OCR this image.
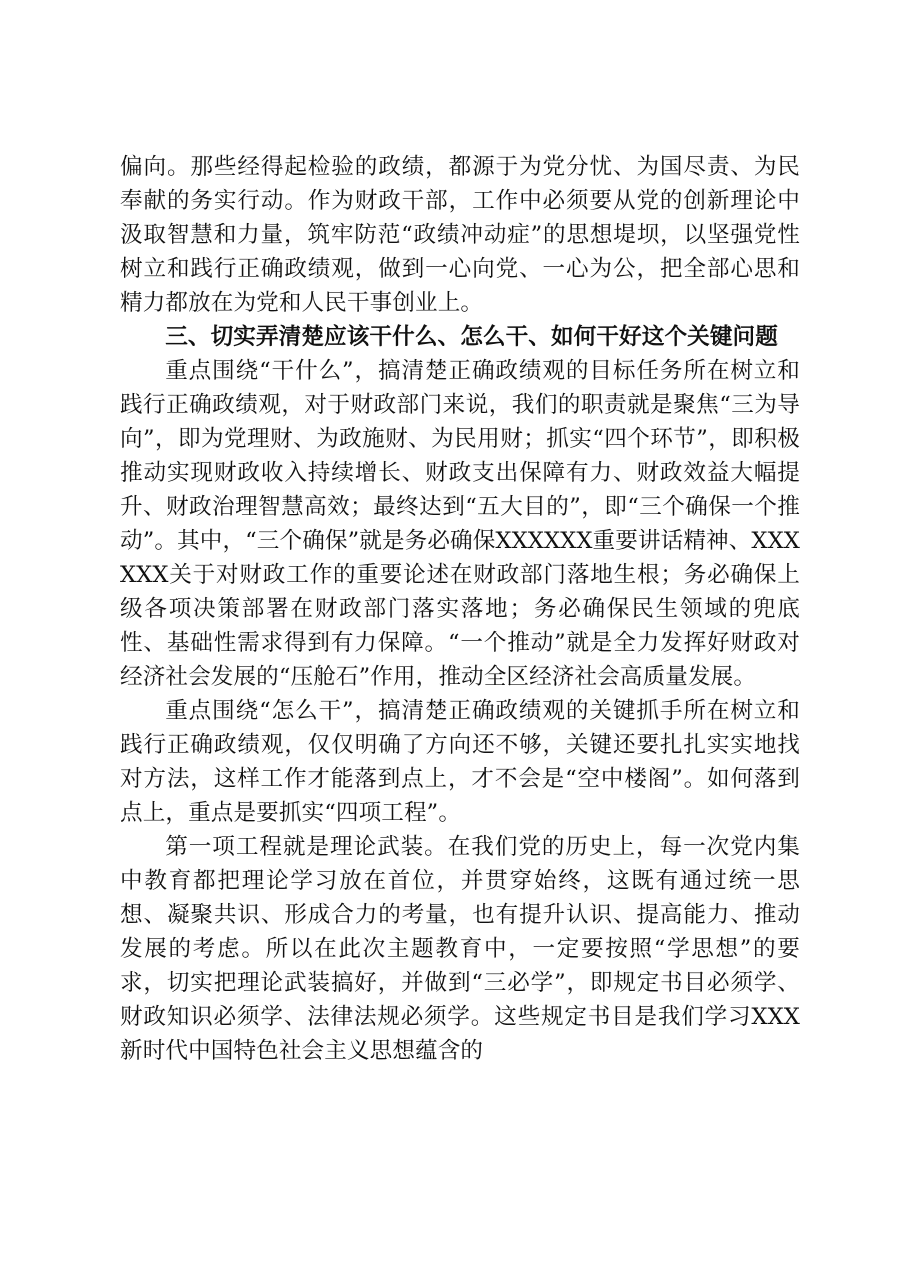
偏向。那些经得起检验的政绩，都源于为党分忧、为国尽责、为民奉献的务实行动。作为财政干部，工作中必须要从党的创新理论中汲取智慧和力量，筑牢防范“政绩冲动症”的思想堤坝，以坚强党性树立和践行正确政绩观，做到一心向党、一心为公，把全部心思和精力都放在为党和人民干事创业上。

三、切实弄清楚应该干什么、怎么干、如何干好这个关键问题

重点围绕“干什么”，搞清楚正确政绩观的目标任务所在树立和践行正确政绩观，对于财政部门来说，我们的职责就是聚焦“三为导向”，即为党理财、为政施财、为民用财；抓实“四个环节”，即积极推动实现财政收入持续增长、财政支出保障有力、财政效益大幅提升、财政治理智慧高效；最终达到“五大目的”，即“三个确保一个推动”。其中，“三个确保”就是务必确保XXXXXX重要讲话精神、XXXXXX关于对财政工作的重要论述在财政部门落地生根；务必确保上级各项决策部署在财政部门落实落地；务必确保民生领域的兜底性、基础性需求得到有力保障。“一个推动”就是全力发挥好财政对经济社会发展的“压舱石”作用，推动全区经济社会高质量发展。

重点围绕“怎么干”，搞清楚正确政绩观的关键抓手所在树立和践行正确政绩观，仅仅明确了方向还不够，关键还要扎扎实实地找对方法，这样工作才能落到点上，才不会是“空中楼阁”。如何落到点上，重点是要抓实“四项工程”。

第一项工程就是理论武装。在我们党的历史上，每一次党内集中教育都把理论学习放在首位，并贯穿始终，这既有通过统一思想、凝聚共识、形成合力的考量，也有提升认识、提高能力、推动发展的考虑。所以在此次主题教育中，一定要按照“学思想”的要求，切实把理论武装搞好，并做到“三必学”，即规定书目必须学、财政知识必须学、法律法规必须学。这些规定书目是我们学习XXX新时代中国特色社会主义思想蕴含的
